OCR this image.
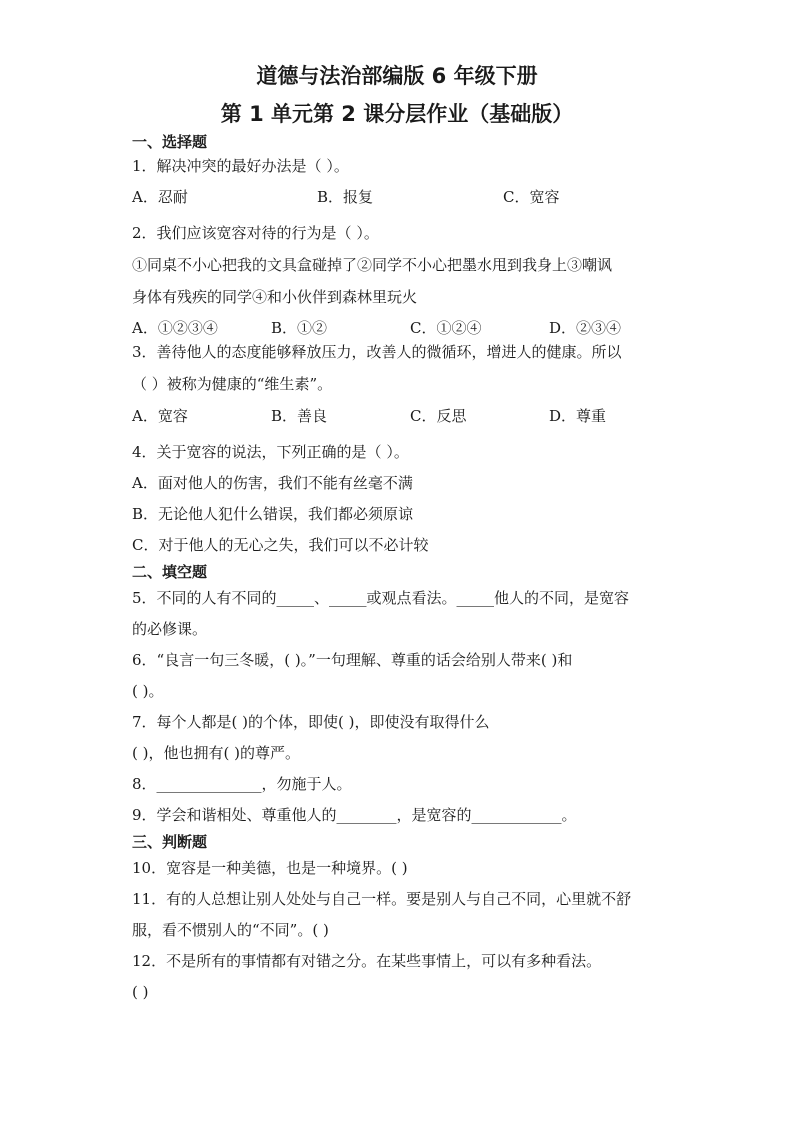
道德与法治部编版 6 年级下册
第 1 单元第 2 课分层作业（基础版）
一、选择题
1．解决冲突的最好办法是（ ）。
A．忍耐	B．报复	C．宽容
2．我们应该宽容对待的行为是（ ）。
①同桌不小心把我的文具盒碰掉了②同学不小心把墨水甩到我身上③嘲讽
身体有残疾的同学④和小伙伴到森林里玩火
A．①②③④	B．①②	C．①②④	D．②③④
3．善待他人的态度能够释放压力，改善人的微循环，增进人的健康。所以
（ ）被称为健康的“维生素”。
A．宽容	B．善良	C．反思	D．尊重
4．关于宽容的说法，下列正确的是（ ）。
A．面对他人的伤害，我们不能有丝毫不满
B．无论他人犯什么错误，我们都必须原谅
C．对于他人的无心之失，我们可以不必计较
二、填空题
5．不同的人有不同的_____、_____或观点看法。_____他人的不同，是宽容
的必修课。
6．“良言一句三冬暖，( )。”一句理解、尊重的话会给别人带来( )和
( )。
7．每个人都是( )的个体，即使( )，即使没有取得什么
( )，他也拥有( )的尊严。
8．______________，勿施于人。
9．学会和谐相处、尊重他人的________，是宽容的____________。
三、判断题
10．宽容是一种美德，也是一种境界。( )
11．有的人总想让别人处处与自己一样。要是别人与自己不同，心里就不舒
服，看不惯别人的“不同”。( )
12．不是所有的事情都有对错之分。在某些事情上，可以有多种看法。
( )
